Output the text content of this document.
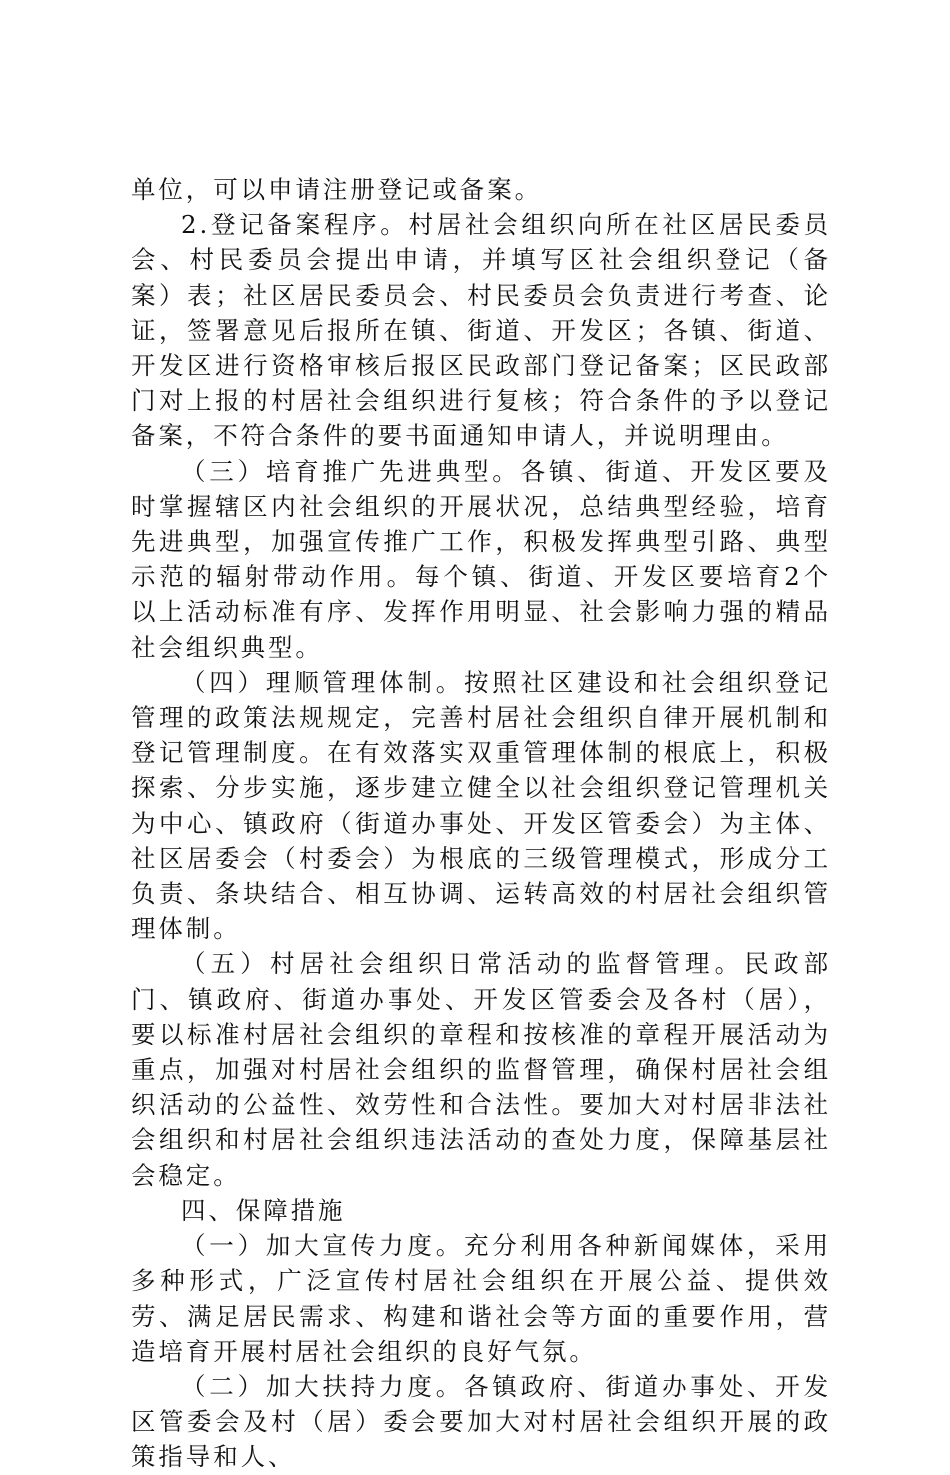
单位，可以申请注册登记或备案。

2.登记备案程序。村居社会组织向所在社区居民委员会、村民委员会提出申请，并填写区社会组织登记（备案）表；社区居民委员会、村民委员会负责进行考查、论证，签署意见后报所在镇、街道、开发区；各镇、街道、开发区进行资格审核后报区民政部门登记备案；区民政部门对上报的村居社会组织进行复核；符合条件的予以登记备案，不符合条件的要书面通知申请人，并说明理由。

（三）培育推广先进典型。各镇、街道、开发区要及时掌握辖区内社会组织的开展状况，总结典型经验，培育先进典型，加强宣传推广工作，积极发挥典型引路、典型示范的辐射带动作用。每个镇、街道、开发区要培育2个以上活动标准有序、发挥作用明显、社会影响力强的精品社会组织典型。

（四）理顺管理体制。按照社区建设和社会组织登记管理的政策法规规定，完善村居社会组织自律开展机制和登记管理制度。在有效落实双重管理体制的根底上，积极探索、分步实施，逐步建立健全以社会组织登记管理机关为中心、镇政府（街道办事处、开发区管委会）为主体、社区居委会（村委会）为根底的三级管理模式，形成分工负责、条块结合、相互协调、运转高效的村居社会组织管理体制。

（五）村居社会组织日常活动的监督管理。民政部门、镇政府、街道办事处、开发区管委会及各村（居），要以标准村居社会组织的章程和按核准的章程开展活动为重点，加强对村居社会组织的监督管理，确保村居社会组织活动的公益性、效劳性和合法性。要加大对村居非法社会组织和村居社会组织违法活动的查处力度，保障基层社会稳定。

四、保障措施

（一）加大宣传力度。充分利用各种新闻媒体，采用多种形式，广泛宣传村居社会组织在开展公益、提供效劳、满足居民需求、构建和谐社会等方面的重要作用，营造培育开展村居社会组织的良好气氛。

（二）加大扶持力度。各镇政府、街道办事处、开发区管委会及村（居）委会要加大对村居社会组织开展的政策指导和人、
